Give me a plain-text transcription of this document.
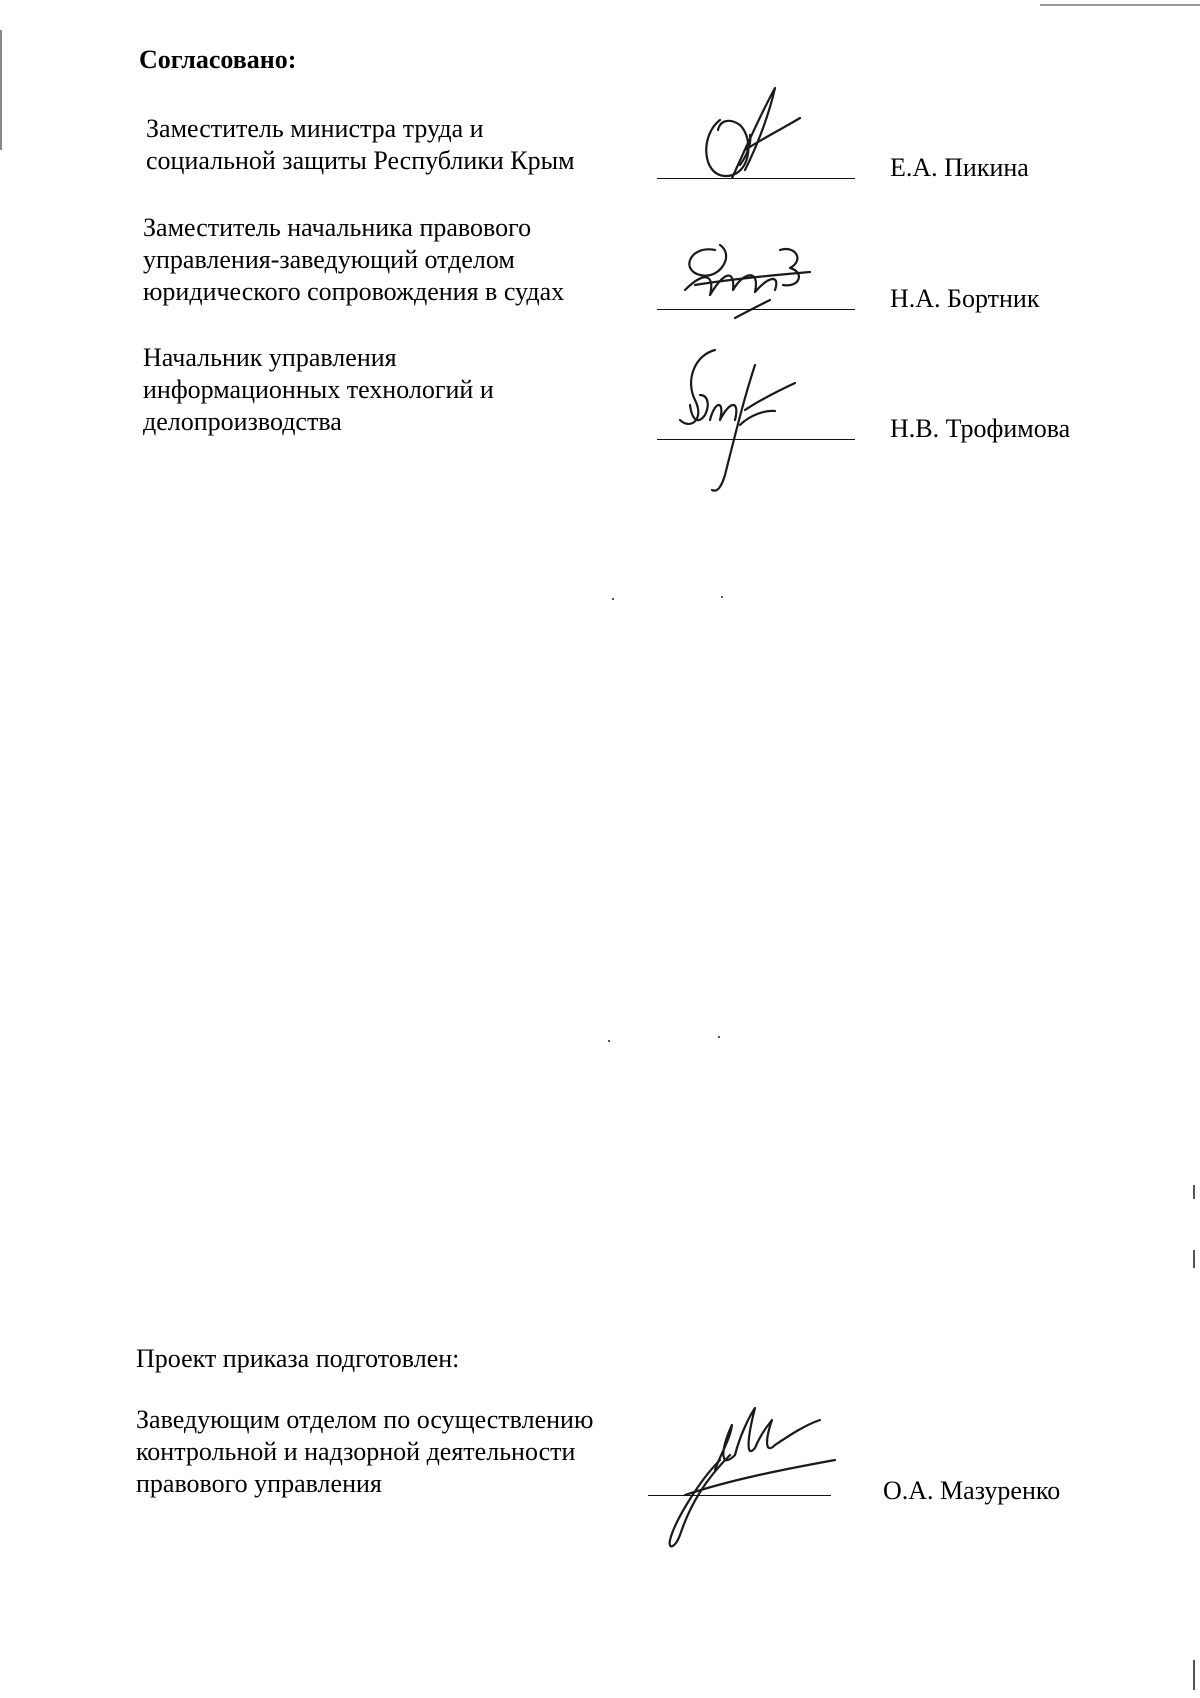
Согласовано:
Заместитель министра труда и
социальной защиты Республики Крым	Е.А. Пикина
Заместитель начальника правового
управления-заведующий отделом
юридического сопровождения в судах	Н.А. Бортник
Начальник управления
информационных технологий и
делопроизводства	Н.В. Трофимова
Проект приказа подготовлен:
Заведующим отделом по осуществлению
контрольной и надзорной деятельности
правового управления	О.А. Мазуренко
